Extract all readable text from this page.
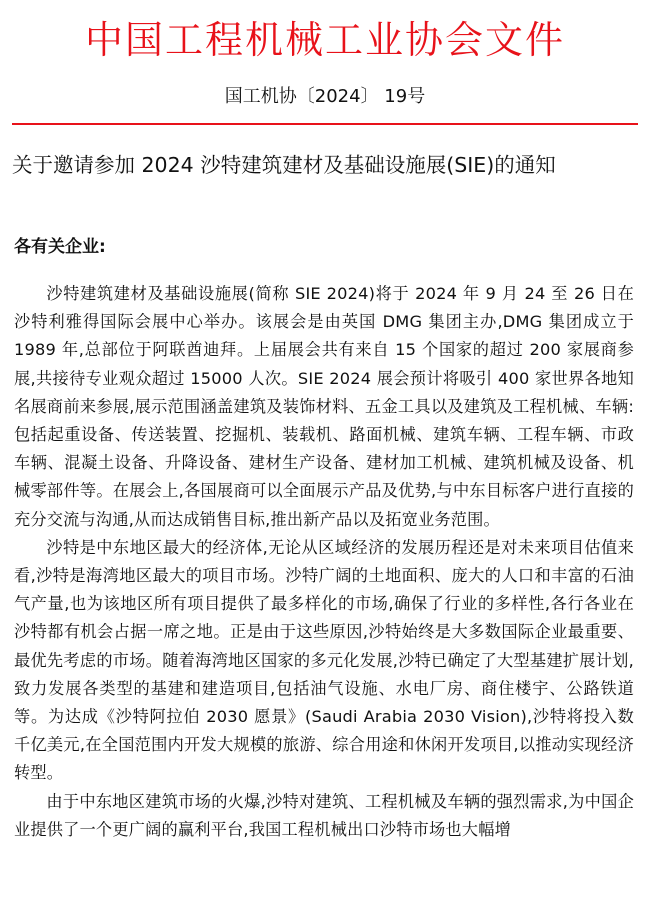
中国工程机械工业协会文件
国工机协〔2024〕 19号
关于邀请参加 2024 沙特建筑建材及基础设施展(SIE)的通知
各有关企业:

沙特建筑建材及基础设施展(简称 SIE 2024)将于 2024 年 9 月 24 至 26 日在沙特利雅得国际会展中心举办。该展会是由英国 DMG 集团主办,DMG 集团成立于 1989 年,总部位于阿联酋迪拜。上届展会共有来自 15 个国家的超过 200 家展商参展,共接待专业观众超过 15000 人次。SIE 2024 展会预计将吸引 400 家世界各地知名展商前来参展,展示范围涵盖建筑及装饰材料、五金工具以及建筑及工程机械、车辆:包括起重设备、传送装置、挖掘机、装载机、路面机械、建筑车辆、工程车辆、市政车辆、混凝土设备、升降设备、建材生产设备、建材加工机械、建筑机械及设备、机械零部件等。在展会上,各国展商可以全面展示产品及优势,与中东目标客户进行直接的充分交流与沟通,从而达成销售目标,推出新产品以及拓宽业务范围。

沙特是中东地区最大的经济体,无论从区域经济的发展历程还是对未来项目估值来看,沙特是海湾地区最大的项目市场。沙特广阔的土地面积、庞大的人口和丰富的石油气产量,也为该地区所有项目提供了最多样化的市场,确保了行业的多样性,各行各业在沙特都有机会占据一席之地。正是由于这些原因,沙特始终是大多数国际企业最重要、最优先考虑的市场。随着海湾地区国家的多元化发展,沙特已确定了大型基建扩展计划,致力发展各类型的基建和建造项目,包括油气设施、水电厂房、商住楼宇、公路铁道等。为达成《沙特阿拉伯 2030 愿景》(Saudi Arabia 2030 Vision),沙特将投入数千亿美元,在全国范围内开发大规模的旅游、综合用途和休闲开发项目,以推动实现经济转型。

由于中东地区建筑市场的火爆,沙特对建筑、工程机械及车辆的强烈需求,为中国企业提供了一个更广阔的赢利平台,我国工程机械出口沙特市场也大幅增
